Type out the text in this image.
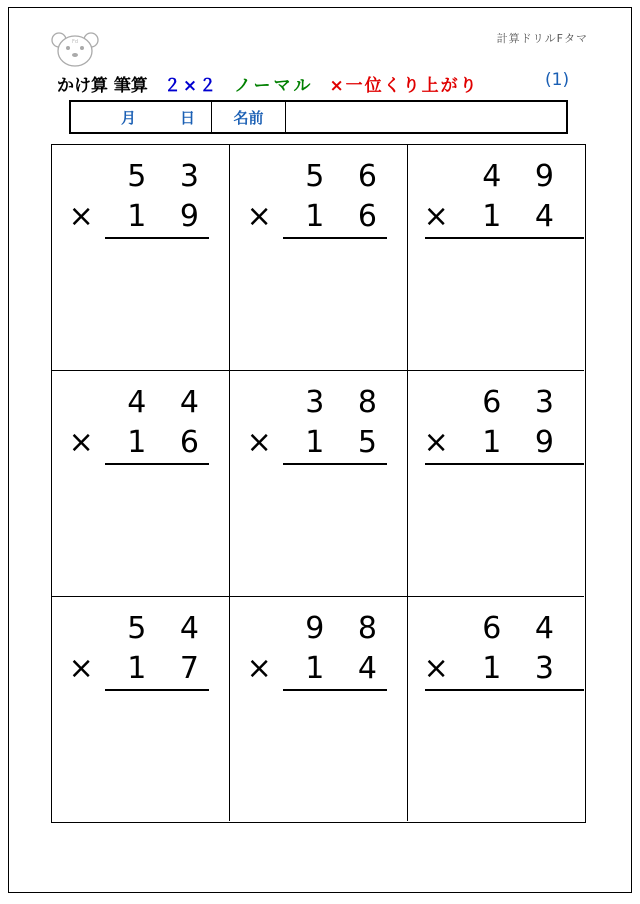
Fd	計算ドリルFタマ
かけ算 筆算 ２×２ ノーマル ×一位くり上がり	(1)
月	日	名前
5 3
× 1 9
5 6
× 1 6
4 9
× 1 4
4 4
× 1 6
3 8
× 1 5
6 3
× 1 9
5 4
× 1 7
9 8
× 1 4
6 4
× 1 3
